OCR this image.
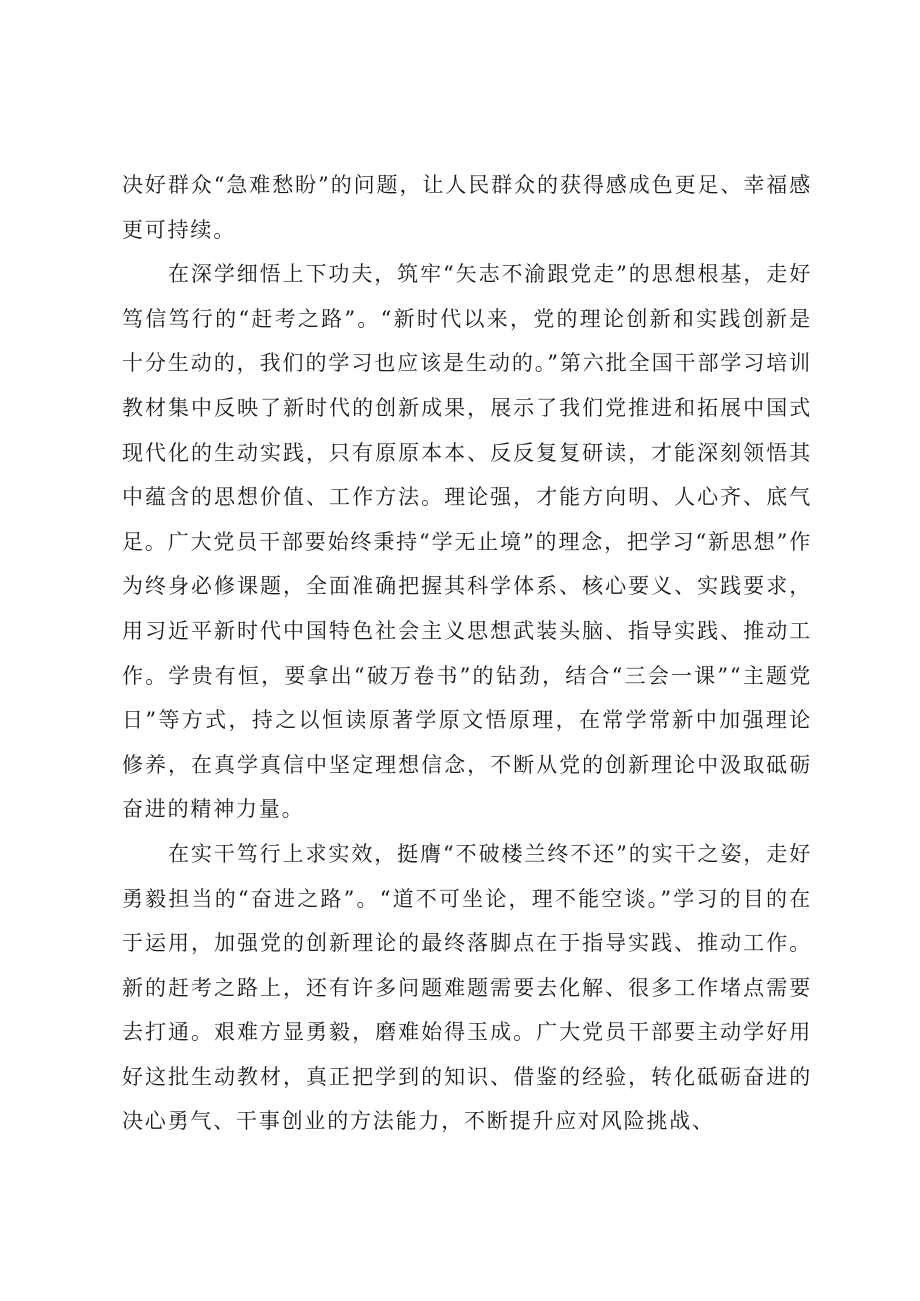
决好群众“急难愁盼”的问题，让人民群众的获得感成色更足、幸福感更可持续。

在深学细悟上下功夫，筑牢“矢志不渝跟党走”的思想根基，走好笃信笃行的“赶考之路”。“新时代以来，党的理论创新和实践创新是十分生动的，我们的学习也应该是生动的。”第六批全国干部学习培训教材集中反映了新时代的创新成果，展示了我们党推进和拓展中国式现代化的生动实践，只有原原本本、反反复复研读，才能深刻领悟其中蕴含的思想价值、工作方法。理论强，才能方向明、人心齐、底气足。广大党员干部要始终秉持“学无止境”的理念，把学习“新思想”作为终身必修课题，全面准确把握其科学体系、核心要义、实践要求，用习近平新时代中国特色社会主义思想武装头脑、指导实践、推动工作。学贵有恒，要拿出“破万卷书”的钻劲，结合“三会一课”“主题党日”等方式，持之以恒读原著学原文悟原理，在常学常新中加强理论修养，在真学真信中坚定理想信念，不断从党的创新理论中汲取砥砺奋进的精神力量。

在实干笃行上求实效，挺膺“不破楼兰终不还”的实干之姿，走好勇毅担当的“奋进之路”。“道不可坐论，理不能空谈。”学习的目的在于运用，加强党的创新理论的最终落脚点在于指导实践、推动工作。新的赶考之路上，还有许多问题难题需要去化解、很多工作堵点需要去打通。艰难方显勇毅，磨难始得玉成。广大党员干部要主动学好用好这批生动教材，真正把学到的知识、借鉴的经验，转化砥砺奋进的决心勇气、干事创业的方法能力，不断提升应对风险挑战、
